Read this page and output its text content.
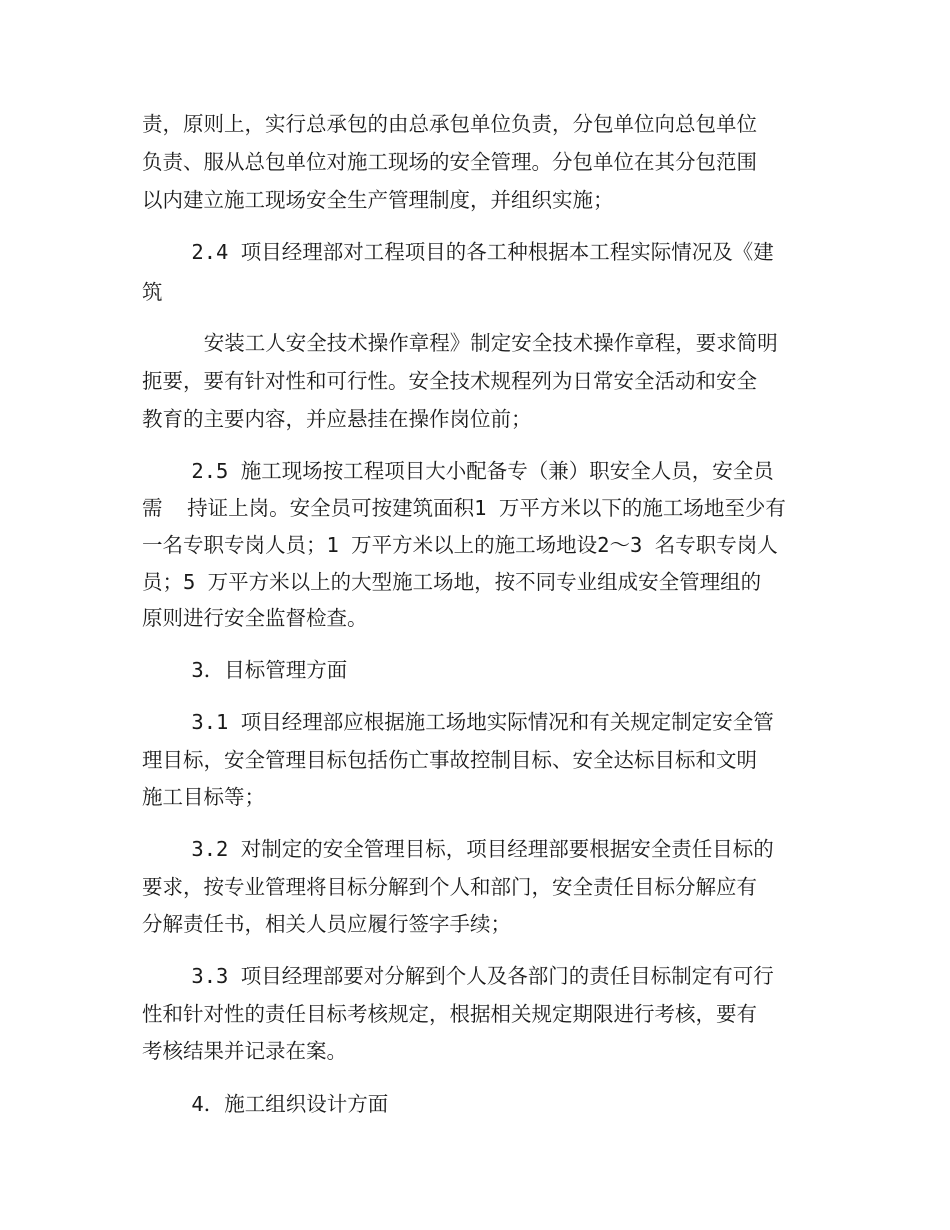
责，原则上，实行总承包的由总承包单位负责，分包单位向总包单位
负责、服从总包单位对施工现场的安全管理。分包单位在其分包范围
以内建立施工现场安全生产管理制度，并组织实施；
2.4 项目经理部对工程项目的各工种根据本工程实际情况及《建
筑
安装工人安全技术操作章程》制定安全技术操作章程，要求简明
扼要，要有针对性和可行性。安全技术规程列为日常安全活动和安全
教育的主要内容，并应悬挂在操作岗位前；
2.5 施工现场按工程项目大小配备专（兼）职安全人员，安全员
需  持证上岗。安全员可按建筑面积1 万平方米以下的施工场地至少有
一名专职专岗人员；1 万平方米以上的施工场地设2～3 名专职专岗人
员；5 万平方米以上的大型施工场地，按不同专业组成安全管理组的
原则进行安全监督检查。
3．目标管理方面
3.1 项目经理部应根据施工场地实际情况和有关规定制定安全管
理目标，安全管理目标包括伤亡事故控制目标、安全达标目标和文明
施工目标等；
3.2 对制定的安全管理目标，项目经理部要根据安全责任目标的
要求，按专业管理将目标分解到个人和部门，安全责任目标分解应有
分解责任书，相关人员应履行签字手续；
3.3 项目经理部要对分解到个人及各部门的责任目标制定有可行
性和针对性的责任目标考核规定，根据相关规定期限进行考核，要有
考核结果并记录在案。
4．施工组织设计方面
